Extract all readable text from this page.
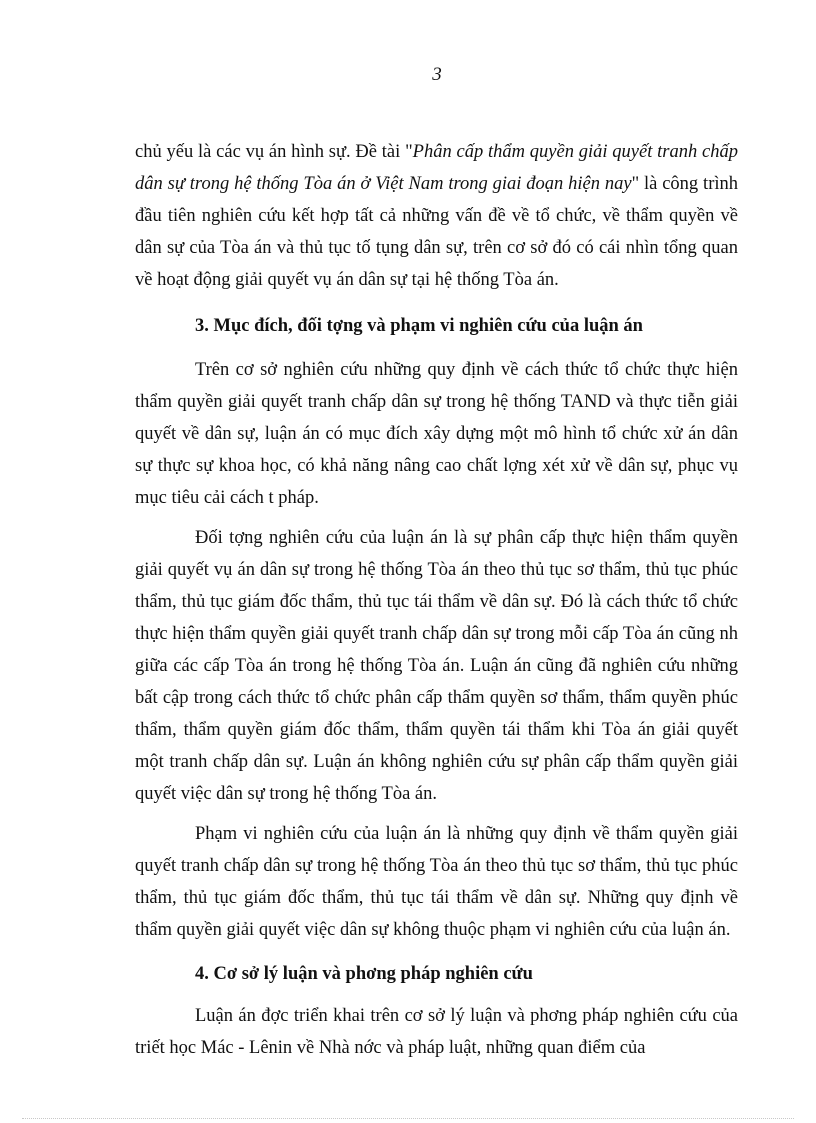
3

chủ yếu là các vụ án hình sự. Đề tài "Phân cấp thẩm quyền giải quyết tranh chấp dân sự trong hệ thống Tòa án ở Việt Nam trong giai đoạn hiện nay" là công trình đầu tiên nghiên cứu kết hợp tất cả những vấn đề về tổ chức, về thẩm quyền về dân sự của Tòa án và thủ tục tố tụng dân sự, trên cơ sở đó có cái nhìn tổng quan về hoạt động giải quyết vụ án dân sự tại hệ thống Tòa án.

3. Mục đích, đối tợng và phạm vi nghiên cứu của luận án

Trên cơ sở nghiên cứu những quy định về cách thức tổ chức thực hiện thẩm quyền giải quyết tranh chấp dân sự trong hệ thống TAND và thực tiễn giải quyết về dân sự, luận án có mục đích xây dựng một mô hình tổ chức xử án dân sự thực sự khoa học, có khả năng nâng cao chất lợng xét xử về dân sự, phục vụ mục tiêu cải cách t pháp.

Đối tợng nghiên cứu của luận án là sự phân cấp thực hiện thẩm quyền giải quyết vụ án dân sự trong hệ thống Tòa án theo thủ tục sơ thẩm, thủ tục phúc thẩm, thủ tục giám đốc thẩm, thủ tục tái thẩm về dân sự. Đó là cách thức tổ chức thực hiện thẩm quyền giải quyết tranh chấp dân sự trong mỗi cấp Tòa án cũng nh giữa các cấp Tòa án trong hệ thống Tòa án. Luận án cũng đã nghiên cứu những bất cập trong cách thức tổ chức phân cấp thẩm quyền sơ thẩm, thẩm quyền phúc thẩm, thẩm quyền giám đốc thẩm, thẩm quyền tái thẩm khi Tòa án giải quyết một tranh chấp dân sự. Luận án không nghiên cứu sự phân cấp thẩm quyền giải quyết việc dân sự trong hệ thống Tòa án.

Phạm vi nghiên cứu của luận án là những quy định về thẩm quyền giải quyết tranh chấp dân sự trong hệ thống Tòa án theo thủ tục sơ thẩm, thủ tục phúc thẩm, thủ tục giám đốc thẩm, thủ tục tái thẩm về dân sự. Những quy định về thẩm quyền giải quyết việc dân sự không thuộc phạm vi nghiên cứu của luận án.

4. Cơ sở lý luận và phơng pháp nghiên cứu

Luận án đợc triển khai trên cơ sở lý luận và phơng pháp nghiên cứu của triết học Mác - Lênin về Nhà nớc và pháp luật, những quan điểm của
